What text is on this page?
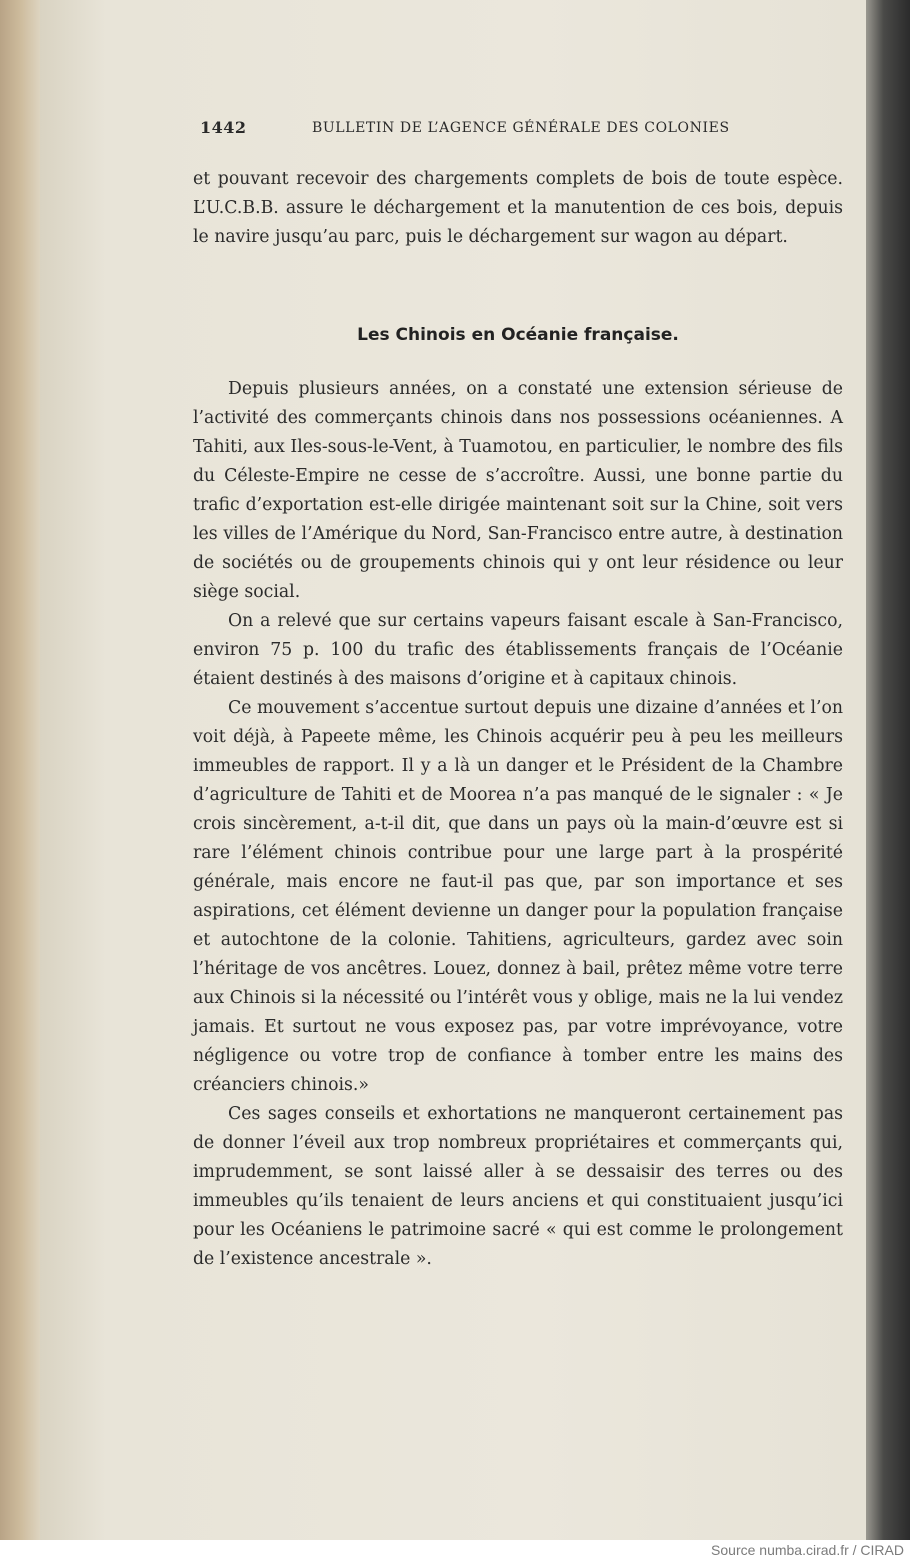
1442	BULLETIN DE L’AGENCE GÉNÉRALE DES COLONIES

et pouvant recevoir des chargements complets de bois de toute espèce. L’U.C.B.B. assure le déchargement et la manutention de ces bois, depuis le navire jusqu’au parc, puis le déchargement sur wagon au départ.

Les Chinois en Océanie française.

Depuis plusieurs années, on a constaté une extension sérieuse de l’activité des commerçants chinois dans nos possessions océaniennes. A Tahiti, aux Iles-sous-le-Vent, à Tuamotou, en particulier, le nombre des fils du Céleste-Empire ne cesse de s’accroître. Aussi, une bonne partie du trafic d’exportation est-elle dirigée maintenant soit sur la Chine, soit vers les villes de l’Amérique du Nord, San-Francisco entre autre, à destination de sociétés ou de groupements chinois qui y ont leur résidence ou leur siège social.

On a relevé que sur certains vapeurs faisant escale à San-Francisco, environ 75 p. 100 du trafic des établissements français de l’Océanie étaient destinés à des maisons d’origine et à capitaux chinois.

Ce mouvement s’accentue surtout depuis une dizaine d’années et l’on voit déjà, à Papeete même, les Chinois acquérir peu à peu les meilleurs immeubles de rapport. Il y a là un danger et le Président de la Chambre d’agriculture de Tahiti et de Moorea n’a pas manqué de le signaler : « Je crois sincèrement, a-t-il dit, que dans un pays où la main-d’œuvre est si rare l’élément chinois contribue pour une large part à la prospérité générale, mais encore ne faut-il pas que, par son importance et ses aspirations, cet élément devienne un danger pour la population française et autochtone de la colonie. Tahitiens, agriculteurs, gardez avec soin l’héritage de vos ancêtres. Louez, donnez à bail, prêtez même votre terre aux Chinois si la nécessité ou l’intérêt vous y oblige, mais ne la lui vendez jamais. Et surtout ne vous exposez pas, par votre imprévoyance, votre négligence ou votre trop de confiance à tomber entre les mains des créanciers chinois.»

Ces sages conseils et exhortations ne manqueront certainement pas de donner l’éveil aux trop nombreux propriétaires et commerçants qui, imprudemment, se sont laissé aller à se dessaisir des terres ou des immeubles qu’ils tenaient de leurs anciens et qui constituaient jusqu’ici pour les Océaniens le patrimoine sacré « qui est comme le prolongement de l’existence ancestrale ».

Source numba.cirad.fr / CIRAD
